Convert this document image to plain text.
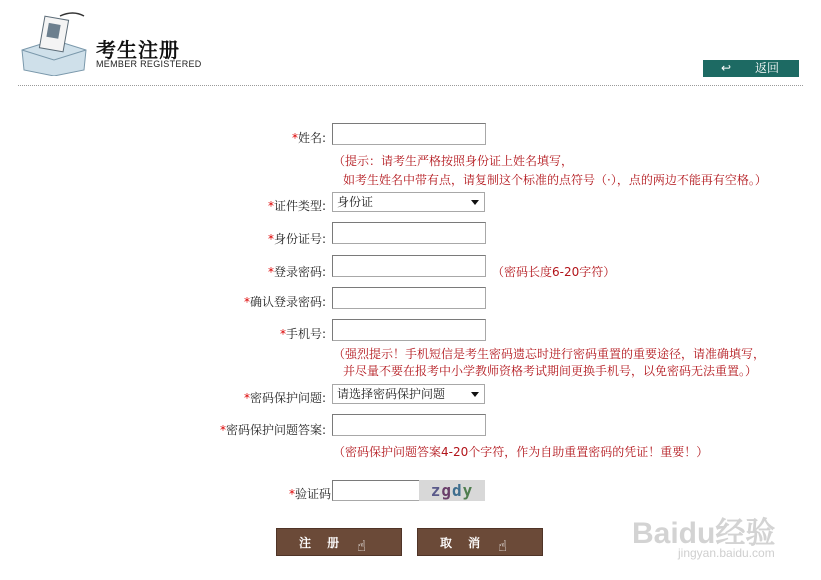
考生注册
MEMBER REGISTERED	↩ 返回
*姓名:
（提示：请考生严格按照身份证上姓名填写，
如考生姓名中带有点，请复制这个标准的点符号（·），点的两边不能再有空格。）
*证件类型: 身份证
*身份证号:
*登录密码:	（密码长度6-20字符）
*确认登录密码:
*手机号:
（强烈提示！手机短信是考生密码遗忘时进行密码重置的重要途径，请准确填写，
并尽量不要在报考中小学教师资格考试期间更换手机号，以免密码无法重置。）
*密码保护问题: 请选择密码保护问题
*密码保护问题答案:
（密码保护问题答案4-20个字符，作为自助重置密码的凭证！重要！）
*验证码	zgdy
注 册 ☝	取 消 ☝	Baidu经验
jingyan.baidu.com
